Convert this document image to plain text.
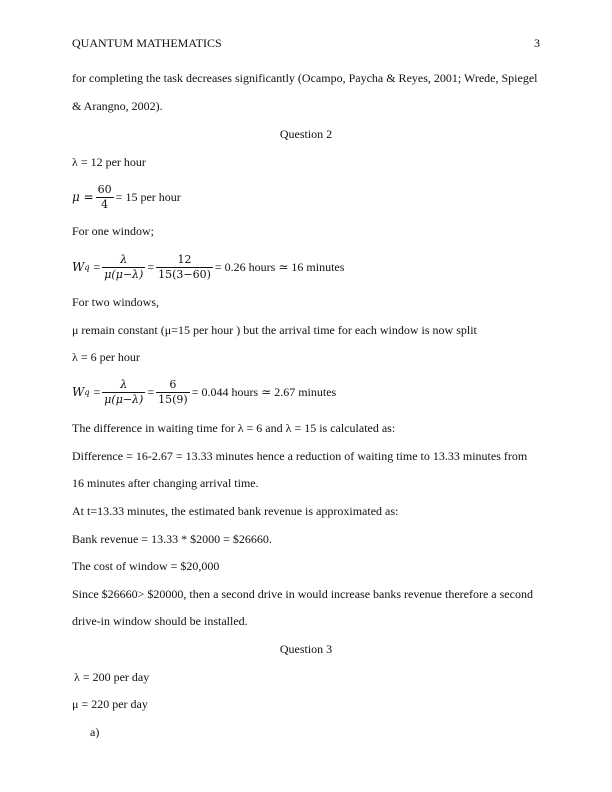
QUANTUM MATHEMATICS	3
for completing the task decreases significantly (Ocampo, Paycha & Reyes, 2001; Wrede, Spiegel
& Arangno, 2002).
Question 2
λ = 12 per hour
$\mu = \frac{60}{4} = 15$ per hour
For one window;
W $q = \frac{\lambda}{\mu(\mu-\lambda)} = \frac{12}{15(3-60)} = 0.26$ hours ≃ 16 minutes
For two windows,
μ remain constant (μ=15 per hour ) but the arrival time for each window is now split
λ = 6 per hour
W $q = \frac{\lambda}{\mu(\mu-\lambda)} = \frac{6}{15(9)} = 0.044$ hours ≃ 2.67 minutes
The difference in waiting time for λ = 6 and λ = 15 is calculated as:
Difference = 16-2.67 = 13.33 minutes hence a reduction of waiting time to 13.33 minutes from
16 minutes after changing arrival time.
At t=13.33 minutes, the estimated bank revenue is approximated as:
Bank revenue = 13.33 * $2000 = $26660.
The cost of window = $20,000
Since $26660> $20000, then a second drive in would increase banks revenue therefore a second
drive-in window should be installed.
Question 3
λ = 200 per day
μ = 220 per day
a)
